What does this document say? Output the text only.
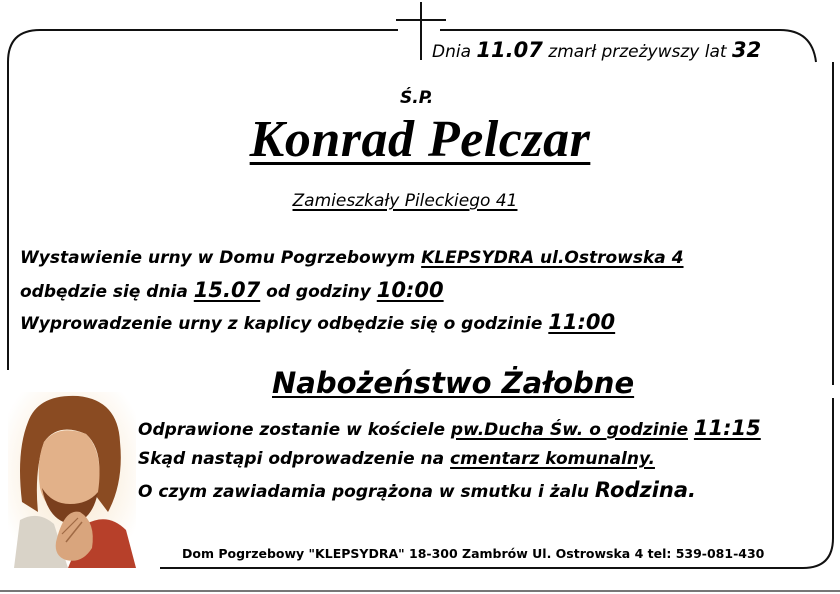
Dnia 11.07 zmarł przeżywszy lat 32
Ś.P.
Konrad Pelczar
Zamieszkały Pileckiego 41
Wystawienie urny w Domu Pogrzebowym KLEPSYDRA ul.Ostrowska 4
odbędzie się dnia 15.07 od godziny 10:00
Wyprowadzenie urny z kaplicy odbędzie się o godzinie 11:00
Nabożeństwo Żałobne
Odprawione zostanie w kościele pw.Ducha Św. o godzinie 11:15
Skąd nastąpi odprowadzenie na cmentarz komunalny.
O czym zawiadamia pogrążona w smutku i żalu Rodzina.
Dom Pogrzebowy "KLEPSYDRA" 18-300 Zambrów Ul. Ostrowska 4 tel: 539-081-430
